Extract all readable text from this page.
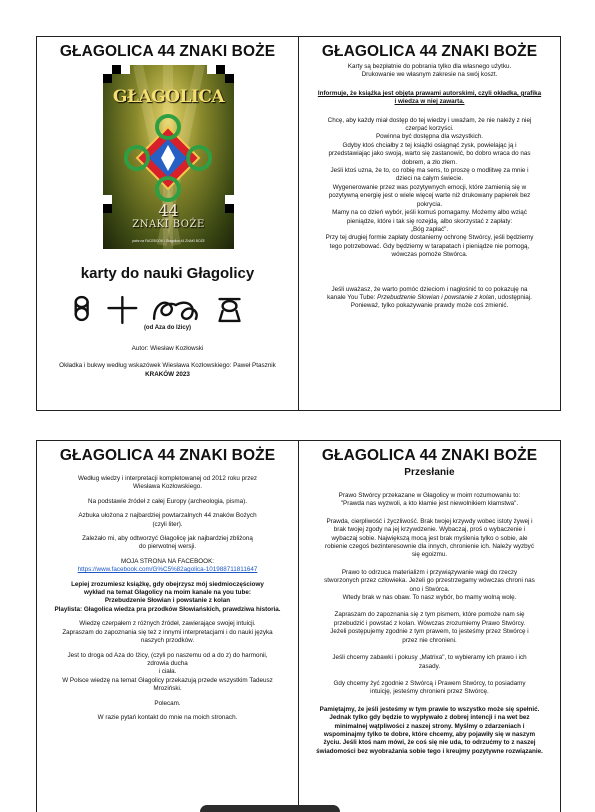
GŁAGOLICA 44 ZNAKI BOŻE
GŁAGOLICA
44
ZNAKI BOŻE
patrz na FACEBOOK / Głagolica 44 ZNAKI BOŻE
karty do nauki Głagolicy
(od Aza do Iżicy)

Autor: Wiesław Kozłowski

Okładka i bukwy według wskazówek Wiesława Kozłowskiego: Paweł Ptasznik

KRAKÓW 2023

GŁAGOLICA 44 ZNAKI BOŻE

Karty są bezpłatnie do pobrania tylko dla własnego użytku.

Drukowanie we własnym zakresie na swój koszt.

Informuje, że książka jest objęta prawami autorskimi, czyli okładka, grafika

i wiedza w niej zawarta.

Chcę, aby każdy miał dostęp do tej wiedzy i uważam, że nie należy z niej

czerpać korzyści.

Powinna być dostępna dla wszystkich.

Gdyby ktoś chciałby z tej książki osiągnąć zysk, powielając ją i

przedstawiając jako swoją, warto się zastanowić, bo dobro wraca do nas

dobrem, a zło złem.

Jeśli ktoś uzna, że to, co robię ma sens, to proszę o modlitwę za mnie i

dzieci na całym świecie.

Wygenerowanie przez was pozytywnych emocji, które zamienią się w

pozytywną energię jest o wiele więcej warte niż drukowany papierek bez

pokrycia.

Mamy na co dzień wybór, jeśli komuś pomagamy. Możemy albo wziąć

pieniądze, które i tak się rozejdą, albo skorzystać z zapłaty:

„Bóg zapłać".

Przy tej drugiej formie zapłaty dostaniemy ochronę Stwórcy, jeśli będziemy

tego potrzebować. Gdy będziemy w tarapatach i pieniądze nie pomogą,

wówczas pomoże Stwórca.

Jeśli uważasz, że warto pomóc dzieciom i nagłośnić to co pokazuję na

kanale You Tube: Przebudzenie Słowian i powstanie z kolan, udostępniaj.

Ponieważ, tylko pokazywanie prawdy może coś zmienić.

GŁAGOLICA 44 ZNAKI BOŻE

Według wiedzy i interpretacji kompletowanej od 2012 roku przez

Wiesława Kozłowskiego.

Na podstawie źródeł z całej Europy (archeologia, pisma).

Azbuka ułożona z najbardziej powtarzalnych 44 znaków Bożych

(czyli liter).

Zależało mi, aby odtworzyć Głagolicę jak najbardziej zbliżoną

do pierwotnej wersji.

MOJA STRONA NA FACEBOOK:

https://www.facebook.com/G%C5%82agolica-101988711811647

Lepiej zrozumiesz książkę, gdy obejrzysz mój siedmioczęściowy

wykład na temat Głagolicy na moim kanale na you tube:

Przebudzenie Słowian i powstanie z kolan

Playlista: Głagolica wiedza pra przodków Słowiańskich, prawdziwa historia.

Wiedzę czerpałem z różnych źródeł, zawierające swojej intuicji.

Zapraszam do zapoznania się też z innymi interpretacjami i do nauki języka

naszych przodków.

Jest to droga od Aza do Iżicy, (czyli po naszemu od a do z) do harmonii,

zdrowia ducha

i ciała.

W Polsce wiedzę na temat Głagolicy przekazują przede wszystkim Tadeusz

Mroziński.

Polecam.

W razie pytań kontakt do mnie na moich stronach.

GŁAGOLICA 44 ZNAKI BOŻE
Przesłanie

Prawo Stwórcy przekazane w Głagolicy w moim rozumowaniu to:

"Prawda nas wyzwoli, a kto kłamie jest niewolnikiem kłamstwa".

Prawda, cierpliwość i życzliwość. Brak twojej krzywdy wobec istoty żywej i

brak twojej zgody na jej krzywdzenie. Wybaczaj, proś o wybaczenie i

wybaczaj sobie. Największą mocą jest brak myślenia tylko o sobie, ale

robienie czegoś bezinteresownie dla innych, chronienie ich. Należy wyzbyć

się egoizmu.

Prawo to odrzuca materializm i przywiązywanie wagi do rzeczy

stworzonych przez człowieka. Jeżeli go przestrzegamy wówczas chroni nas

ono i Stwórca.

Wtedy brak w nas obaw. To nasz wybór, bo mamy wolną wolę.

Zapraszam do zapoznania się z tym pismem, które pomoże nam się

przebudzić i powstać z kolan. Wówczas zrozumiemy Prawo Stwórcy.

Jeżeli postępujemy zgodnie z tym prawem, to jesteśmy przez Stwórcę i

przez nie chronieni.

Jeśli chcemy zabawki i pokusy „Matrixa", to wybieramy ich prawo i ich

zasady.

Gdy chcemy żyć zgodnie z Stwórcą i Prawem Stwórcy, to posiadamy

intuicję, jesteśmy chronieni przez Stwórcę.

Pamiętajmy, że jeśli jesteśmy w tym prawie to wszystko może się spełnić.

Jednak tylko gdy będzie to wypływało z dobrej intencji i na wet bez

minimalnej wątpliwości z naszej strony. Myślmy o zdarzeniach i

wspominajmy tylko te dobre, które chcemy, aby pojawiły się w naszym

życiu. Jeśli ktoś nam mówi, że coś się nie uda, to odrzućmy to z naszej

świadomości bez wyobrażania sobie tego i kreujmy pozytywne rozwiązanie.
